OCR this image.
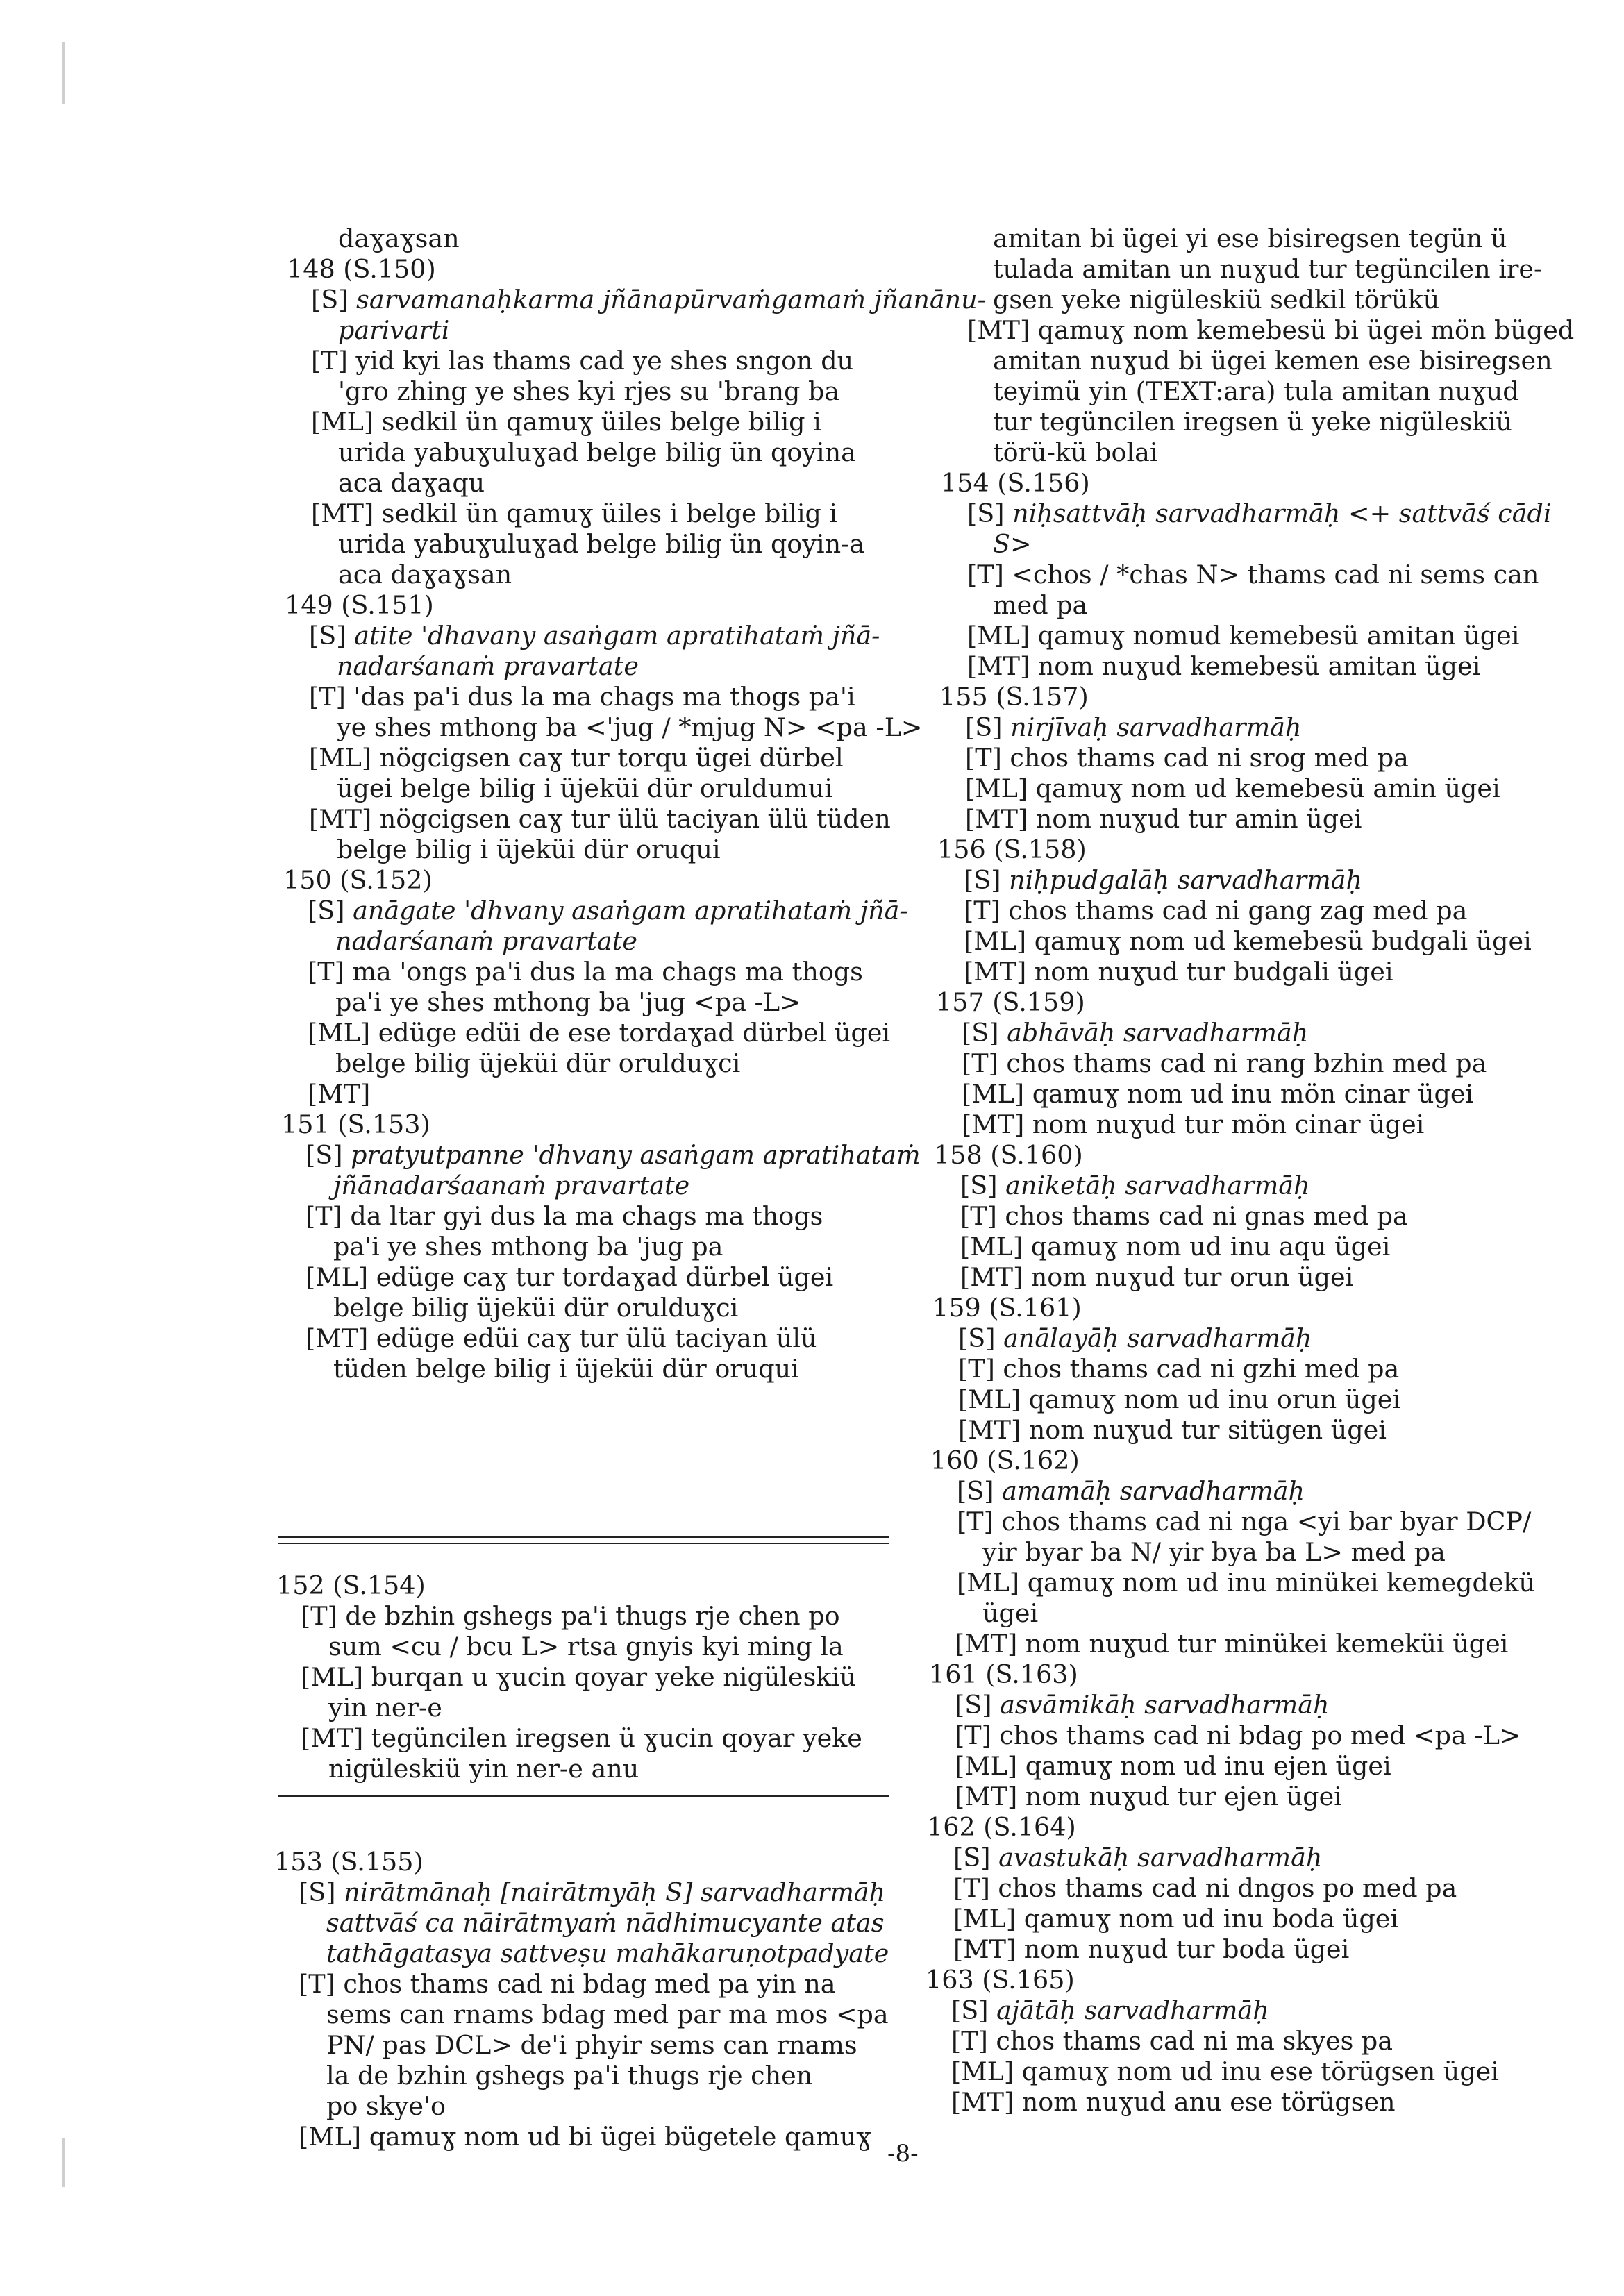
-8-
daɣaɣsan
148 (S.150)
[S] sarvamanaḥkarma jñānapūrvaṁgamaṁ jñanānu-
parivarti
[T] yid kyi las thams cad ye shes sngon du
'gro zhing ye shes kyi rjes su 'brang ba
[ML] sedkil ün qamuɣ üiles belge bilig i
urida yabuɣuluɣad belge bilig ün qoyina
aca daɣaqu
[MT] sedkil ün qamuɣ üiles i belge bilig i
urida yabuɣuluɣad belge bilig ün qoyin-a
aca daɣaɣsan
149 (S.151)
[S] atite 'dhavany asaṅgam apratihataṁ jñā-
nadarśanaṁ pravartate
[T] 'das pa'i dus la ma chags ma thogs pa'i
ye shes mthong ba <'jug / *mjug N> <pa -L>
[ML] nögcigsen caɣ tur torqu ügei dürbel
ügei belge bilig i üjeküi dür oruldumui
[MT] nögcigsen caɣ tur ülü taciyan ülü tüden
belge bilig i üjeküi dür oruqui
150 (S.152)
[S] anāgate 'dhvany asaṅgam apratihataṁ jñā-
nadarśanaṁ pravartate
[T] ma 'ongs pa'i dus la ma chags ma thogs
pa'i ye shes mthong ba 'jug <pa -L>
[ML] edüge edüi de ese tordaɣad dürbel ügei
belge bilig üjeküi dür orulduɣci
[MT]
151 (S.153)
[S] pratyutpanne 'dhvany asaṅgam apratihataṁ
jñānadarśaanaṁ pravartate
[T] da ltar gyi dus la ma chags ma thogs
pa'i ye shes mthong ba 'jug pa
[ML] edüge caɣ tur tordaɣad dürbel ügei
belge bilig üjeküi dür orulduɣci
[MT] edüge edüi caɣ tur ülü taciyan ülü
tüden belge bilig i üjeküi dür oruqui
152 (S.154)
[T] de bzhin gshegs pa'i thugs rje chen po
sum <cu / bcu L> rtsa gnyis kyi ming la
[ML] burqan u ɣucin qoyar yeke nigüleskiü
yin ner-e
[MT] tegüncilen iregsen ü ɣucin qoyar yeke
nigüleskiü yin ner-e anu
153 (S.155)
[S] nirātmānaḥ [nairātmyāḥ S] sarvadharmāḥ
sattvāś ca nāirātmyaṁ nādhimucyante atas
tathāgatasya sattveṣu mahākaruṇotpadyate
[T] chos thams cad ni bdag med pa yin na
sems can rnams bdag med par ma mos <pa
PN/ pas DCL> de'i phyir sems can rnams
la de bzhin gshegs pa'i thugs rje chen
po skye'o
[ML] qamuɣ nom ud bi ügei bügetele qamuɣ
amitan bi ügei yi ese bisiregsen tegün ü
tulada amitan un nuɣud tur tegüncilen ire-
gsen yeke nigüleskiü sedkil törükü
[MT] qamuɣ nom kemebesü bi ügei mön büged
amitan nuɣud bi ügei kemen ese bisiregsen
teyimü yin (TEXT:ara) tula amitan nuɣud
tur tegüncilen iregsen ü yeke nigüleskiü
törü-kü bolai
154 (S.156)
[S] niḥsattvāḥ sarvadharmāḥ <+ sattvāś cādi
S>
[T] <chos / *chas N> thams cad ni sems can
med pa
[ML] qamuɣ nomud kemebesü amitan ügei
[MT] nom nuɣud kemebesü amitan ügei
155 (S.157)
[S] nirjīvaḥ sarvadharmāḥ
[T] chos thams cad ni srog med pa
[ML] qamuɣ nom ud kemebesü amin ügei
[MT] nom nuɣud tur amin ügei
156 (S.158)
[S] niḥpudgalāḥ sarvadharmāḥ
[T] chos thams cad ni gang zag med pa
[ML] qamuɣ nom ud kemebesü budgali ügei
[MT] nom nuɣud tur budgali ügei
157 (S.159)
[S] abhāvāḥ sarvadharmāḥ
[T] chos thams cad ni rang bzhin med pa
[ML] qamuɣ nom ud inu mön cinar ügei
[MT] nom nuɣud tur mön cinar ügei
158 (S.160)
[S] aniketāḥ sarvadharmāḥ
[T] chos thams cad ni gnas med pa
[ML] qamuɣ nom ud inu aqu ügei
[MT] nom nuɣud tur orun ügei
159 (S.161)
[S] anālayāḥ sarvadharmāḥ
[T] chos thams cad ni gzhi med pa
[ML] qamuɣ nom ud inu orun ügei
[MT] nom nuɣud tur sitügen ügei
160 (S.162)
[S] amamāḥ sarvadharmāḥ
[T] chos thams cad ni nga <yi bar byar DCP/
yir byar ba N/ yir bya ba L> med pa
[ML] qamuɣ nom ud inu minükei kemegdekü
ügei
[MT] nom nuɣud tur minükei kemeküi ügei
161 (S.163)
[S] asvāmikāḥ sarvadharmāḥ
[T] chos thams cad ni bdag po med <pa -L>
[ML] qamuɣ nom ud inu ejen ügei
[MT] nom nuɣud tur ejen ügei
162 (S.164)
[S] avastukāḥ sarvadharmāḥ
[T] chos thams cad ni dngos po med pa
[ML] qamuɣ nom ud inu boda ügei
[MT] nom nuɣud tur boda ügei
163 (S.165)
[S] ajātāḥ sarvadharmāḥ
[T] chos thams cad ni ma skyes pa
[ML] qamuɣ nom ud inu ese törügsen ügei
[MT] nom nuɣud anu ese törügsen
